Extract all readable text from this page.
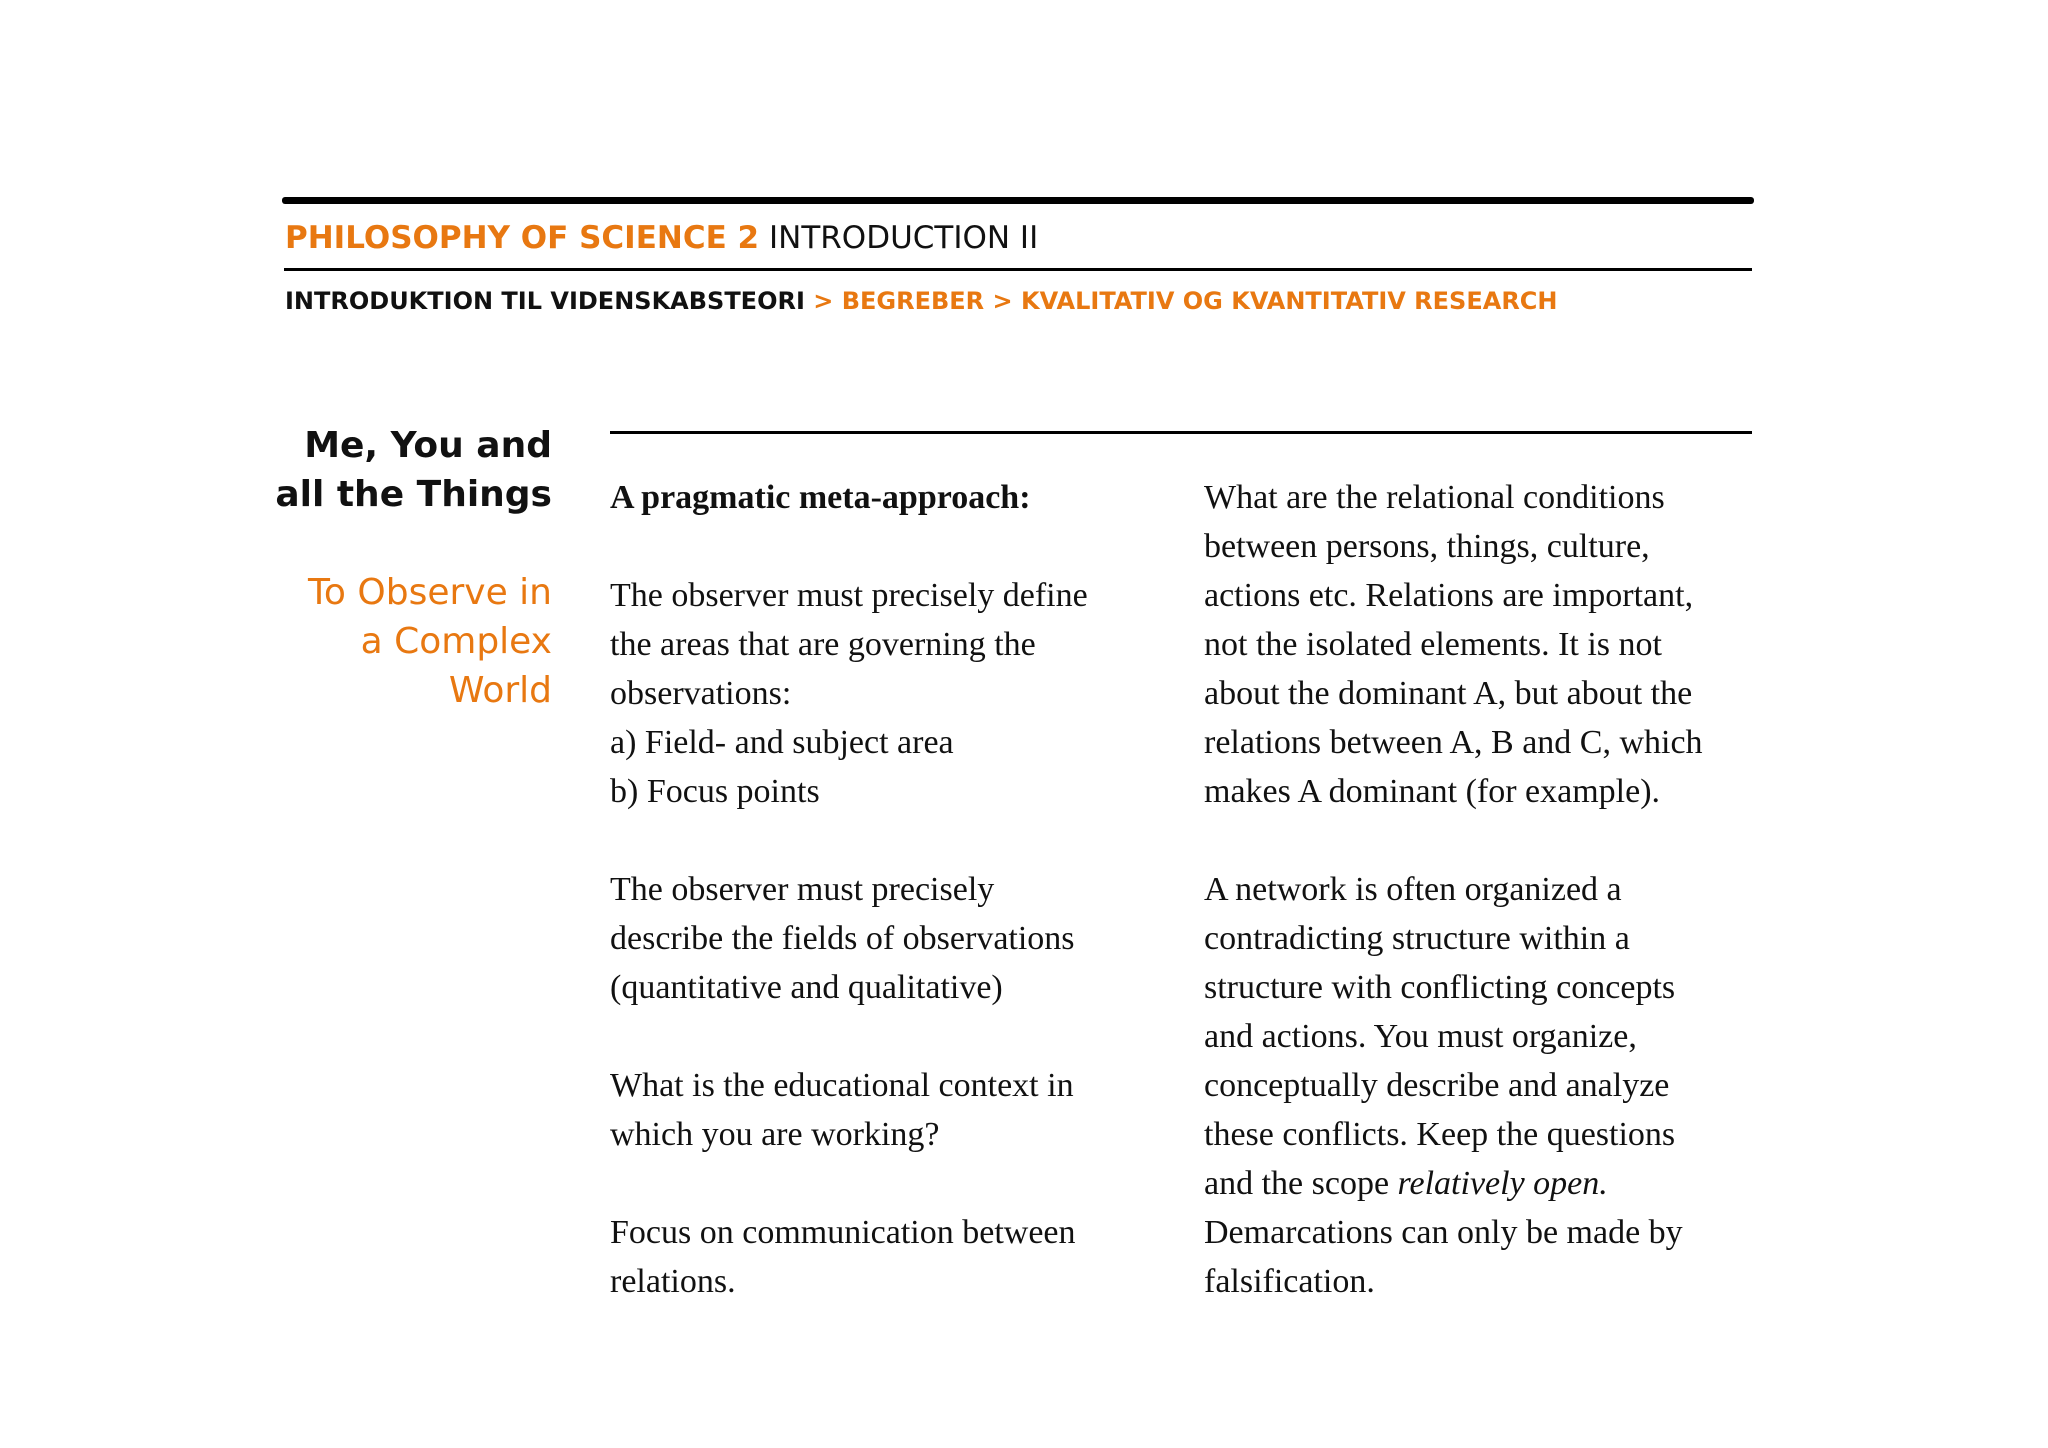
PHILOSOPHY OF SCIENCE 2 INTRODUCTION II
INTRODUKTION TIL VIDENSKABSTEORI > BEGREBER > KVALITATIV OG KVANTITATIV RESEARCH
Me, You and
all the Things
To Observe in
a Complex
World

A pragmatic meta-approach:

The observer must precisely define

the areas that are governing the

observations:

a) Field- and subject area

b) Focus points

The observer must precisely

describe the fields of observations

(quantitative and qualitative)

What is the educational context in

which you are working?

Focus on communication between

relations.

What are the relational conditions

between persons, things, culture,

actions etc. Relations are important,

not the isolated elements. It is not

about the dominant A, but about the

relations between A, B and C, which

makes A dominant (for example).

A network is often organized a

contradicting structure within a

structure with conflicting concepts

and actions. You must organize,

conceptually describe and analyze

these conflicts. Keep the questions

and the scope relatively open.

Demarcations can only be made by

falsification.
